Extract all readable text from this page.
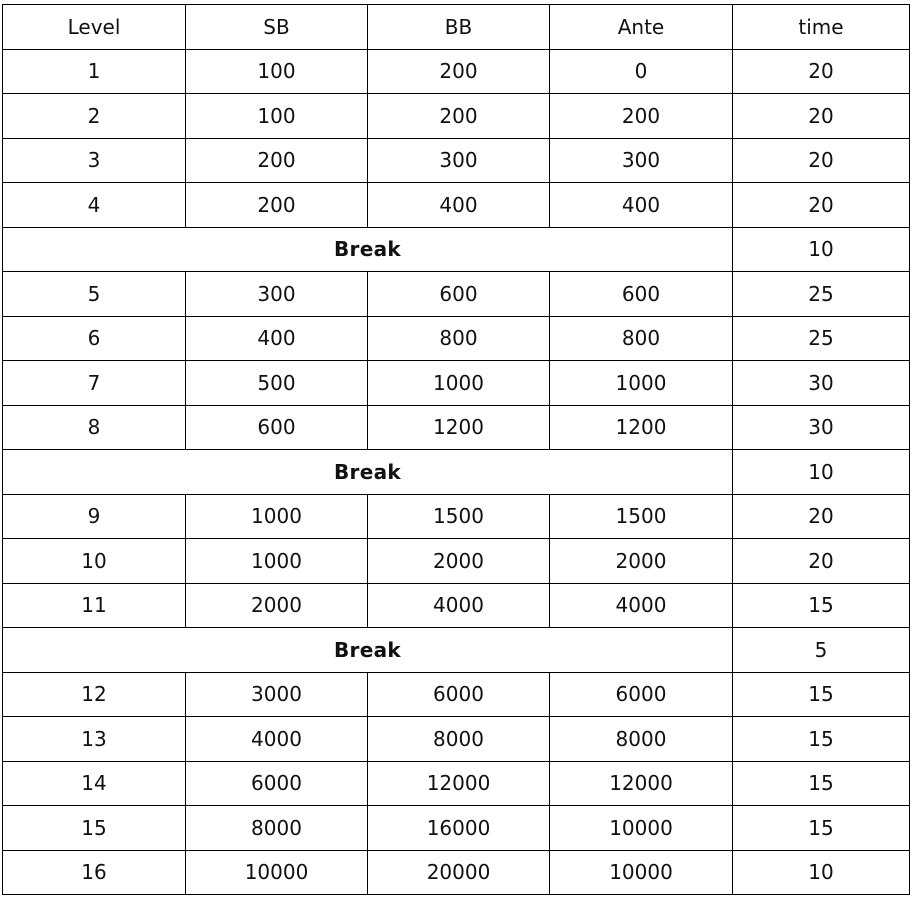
Level	SB	BB	Ante	time
1	100	200	0	20
2	100	200	200	20
3	200	300	300	20
4	200	400	400	20
Break				10
5	300	600	600	25
6	400	800	800	25
7	500	1000	1000	30
8	600	1200	1200	30
Break				10
9	1000	1500	1500	20
10	1000	2000	2000	20
11	2000	4000	4000	15
Break				5
12	3000	6000	6000	15
13	4000	8000	8000	15
14	6000	12000	12000	15
15	8000	16000	10000	15
16	10000	20000	10000	10
